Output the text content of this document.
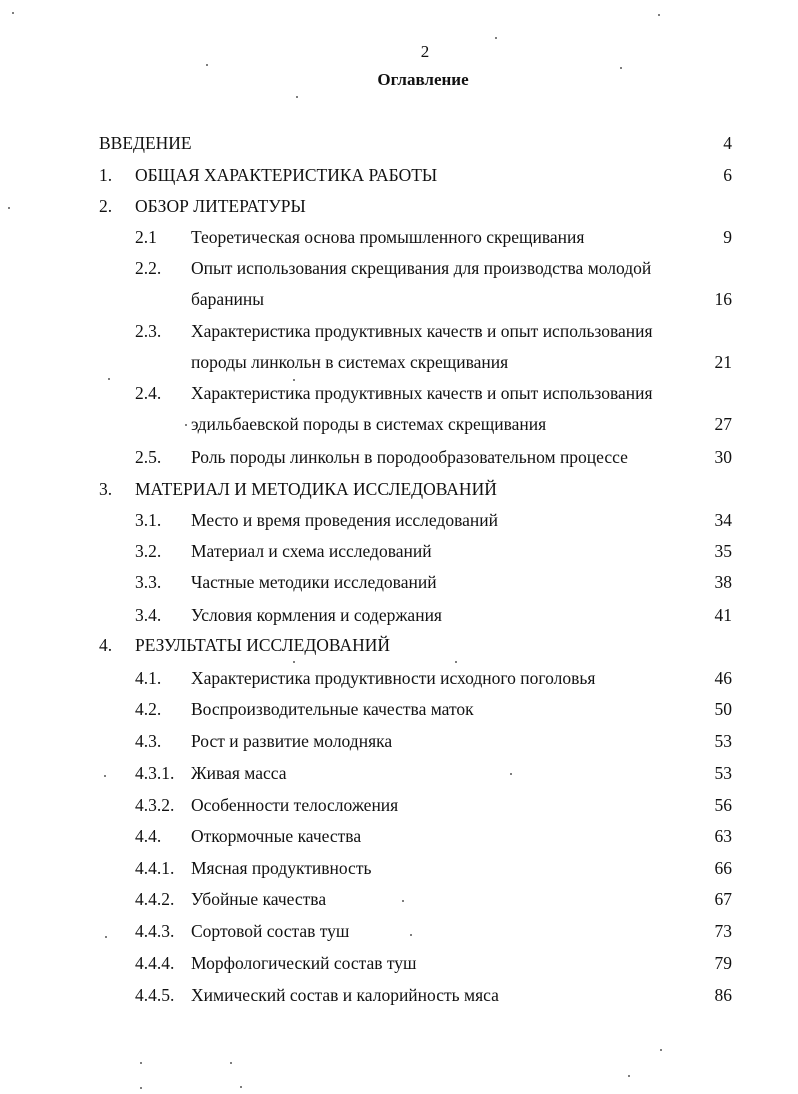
2
Оглавление
ВВЕДЕНИЕ	4
1. ОБЩАЯ ХАРАКТЕРИСТИКА РАБОТЫ	6
2. ОБЗОР ЛИТЕРАТУРЫ
2.1 Теоретическая основа промышленного скрещивания	9
2.2. Опыт использования скрещивания для производства молодой баранины	16
2.3. Характеристика продуктивных качеств и опыт использования породы линкольн в системах скрещивания	21
2.4. Характеристика продуктивных качеств и опыт использования эдильбаевской породы в системах скрещивания	27
2.5. Роль породы линкольн в породообразовательном процессе	30
3. МАТЕРИАЛ И МЕТОДИКА ИССЛЕДОВАНИЙ
3.1. Место и время проведения исследований	34
3.2. Материал и схема исследований	35
3.3. Частные методики исследований	38
3.4. Условия кормления и содержания	41
4. РЕЗУЛЬТАТЫ ИССЛЕДОВАНИЙ
4.1. Характеристика продуктивности исходного поголовья	46
4.2. Воспроизводительные качества маток	50
4.3. Рост и развитие молодняка	53
4.3.1. Живая масса	53
4.3.2. Особенности телосложения	56
4.4. Откормочные качества	63
4.4.1. Мясная продуктивность	66
4.4.2. Убойные качества	67
4.4.3. Сортовой состав туш	73
4.4.4. Морфологический состав туш	79
4.4.5. Химический состав и калорийность мяса	86
